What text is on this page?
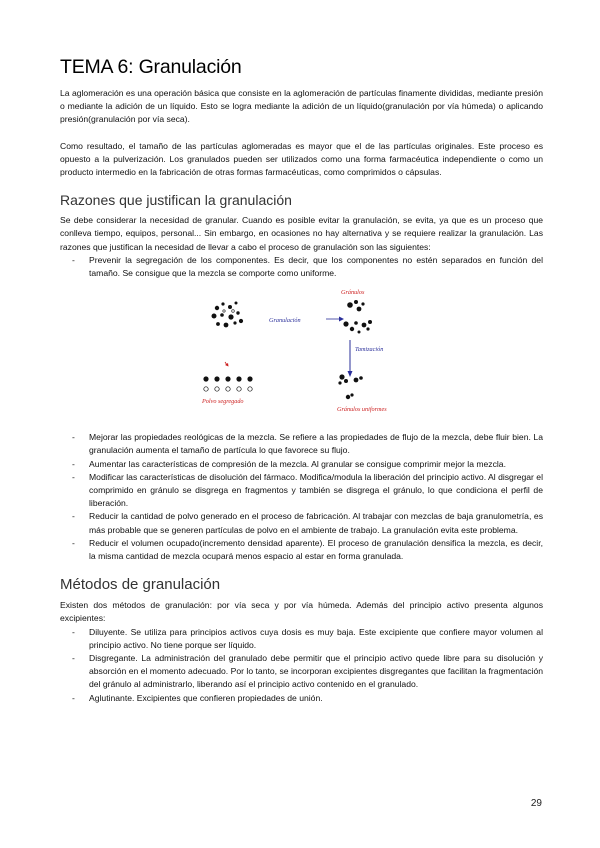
TEMA 6: Granulación

La aglomeración es una operación básica que consiste en la aglomeración de partículas finamente divididas, mediante presión o mediante la adición de un líquido. Esto se logra mediante la adición de un líquido(granulación por vía húmeda) o aplicando presión(granulación por vía seca).

Como resultado, el tamaño de las partículas aglomeradas es mayor que el de las partículas originales. Este proceso es opuesto a la pulverización. Los granulados pueden ser utilizados como una forma farmacéutica independiente o como un producto intermedio en la fabricación de otras formas farmacéuticas, como comprimidos o cápsulas.

Razones que justifican la granulación

Se debe considerar la necesidad de granular. Cuando es posible evitar la granulación, se evita, ya que es un proceso que conlleva tiempo, equipos, personal... Sin embargo, en ocasiones no hay alternativa y se requiere realizar la granulación. Las razones que justifican la necesidad de llevar a cabo el proceso de granulación son las siguientes:

- Prevenir la segregación de los componentes. Es decir, que los componentes no estén separados en función del tamaño. Se consigue que la mezcla se comporte como uniforme.
Granulación
Gránulos
Tamización
Polvo segregado
Gránulos uniformes
- Mejorar las propiedades reológicas de la mezcla. Se refiere a las propiedades de flujo de la mezcla, debe fluir bien. La granulación aumenta el tamaño de partícula lo que favorece su flujo.
- Aumentar las características de compresión de la mezcla. Al granular se consigue comprimir mejor la mezcla.
- Modificar las características de disolución del fármaco. Modifica/modula la liberación del principio activo. Al disgregar el comprimido en gránulo se disgrega en fragmentos y también se disgrega el gránulo, lo que condiciona el perfil de liberación.
- Reducir la cantidad de polvo generado en el proceso de fabricación. Al trabajar con mezclas de baja granulometría, es más probable que se generen partículas de polvo en el ambiente de trabajo. La granulación evita este problema.
- Reducir el volumen ocupado(incremento densidad aparente). El proceso de granulación densifica la mezcla, es decir, la misma cantidad de mezcla ocupará menos espacio al estar en forma granulada.
Métodos de granulación

Existen dos métodos de granulación: por vía seca y por vía húmeda. Además del principio activo presenta algunos excipientes:

- Diluyente. Se utiliza para principios activos cuya dosis es muy baja. Este excipiente que confiere mayor volumen al principio activo. No tiene porque ser líquido.
- Disgregante. La administración del granulado debe permitir que el principio activo quede libre para su disolución y absorción en el momento adecuado. Por lo tanto, se incorporan excipientes disgregantes que facilitan la fragmentación del gránulo al administrarlo, liberando así el principio activo contenido en el granulado.
- Aglutinante. Excipientes que confieren propiedades de unión.
29
